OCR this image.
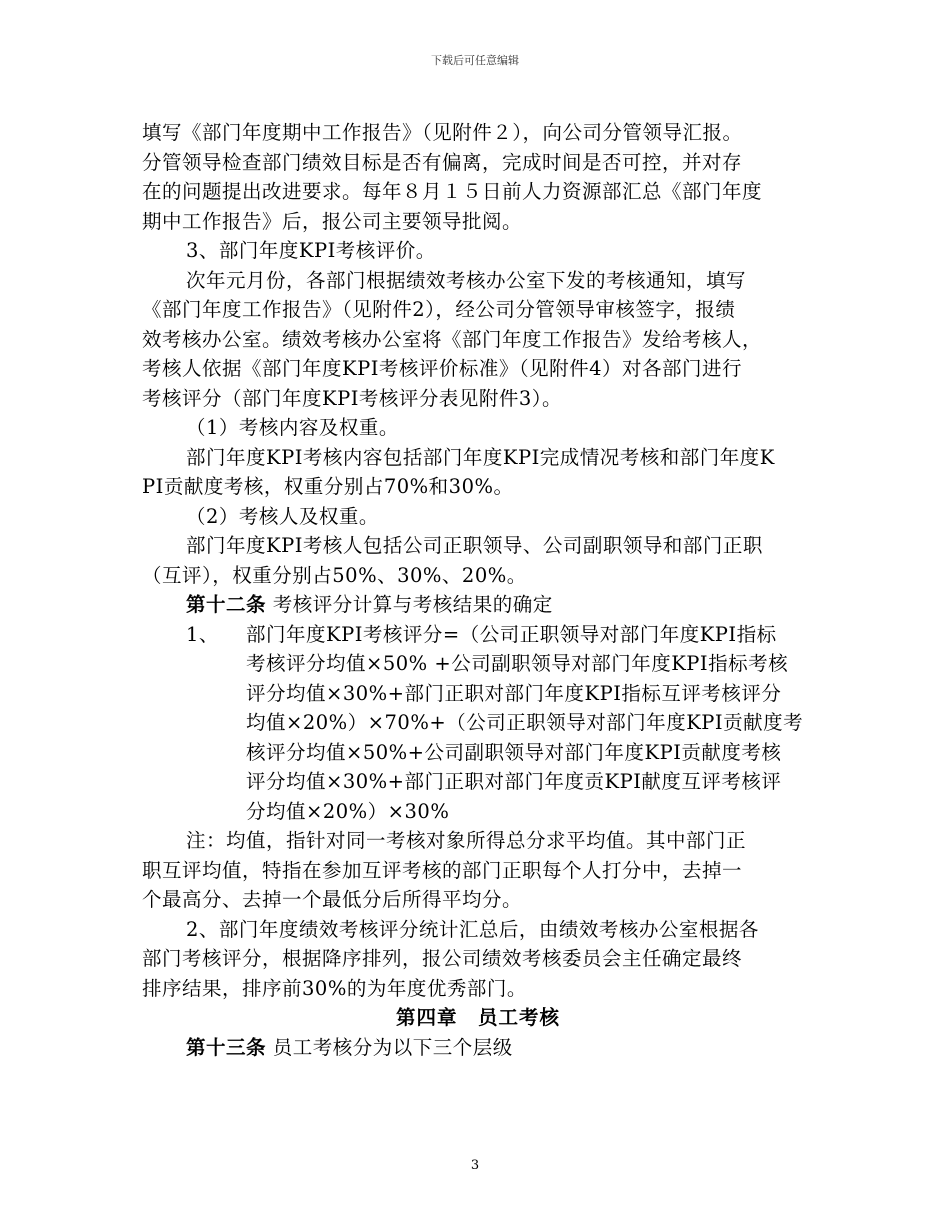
下载后可任意编辑
填写《部门年度期中工作报告》（见附件２），向公司分管领导汇报。
分管领导检查部门绩效目标是否有偏离，完成时间是否可控，并对存
在的问题提出改进要求。每年８月１５日前人力资源部汇总《部门年度
期中工作报告》后，报公司主要领导批阅。
3、部门年度KPI考核评价。
次年元月份，各部门根据绩效考核办公室下发的考核通知，填写
《部门年度工作报告》（见附件2），经公司分管领导审核签字，报绩
效考核办公室。绩效考核办公室将《部门年度工作报告》发给考核人，
考核人依据《部门年度KPI考核评价标准》（见附件4）对各部门进行
考核评分（部门年度KPI考核评分表见附件3）。
（1）考核内容及权重。
部门年度KPI考核内容包括部门年度KPI完成情况考核和部门年度K
PI贡献度考核，权重分别占70%和30%。
（2）考核人及权重。
部门年度KPI考核人包括公司正职领导、公司副职领导和部门正职
（互评），权重分别占50%、30%、20%。
第十二条 考核评分计算与考核结果的确定
1、 部门年度KPI考核评分=（公司正职领导对部门年度KPI指标
考核评分均值×50% +公司副职领导对部门年度KPI指标考核
评分均值×30%+部门正职对部门年度KPI指标互评考核评分
均值×20%）×70%+（公司正职领导对部门年度KPI贡献度考
核评分均值×50%+公司副职领导对部门年度KPI贡献度考核
评分均值×30%+部门正职对部门年度贡KPI献度互评考核评
分均值×20%）×30%
注：均值，指针对同一考核对象所得总分求平均值。其中部门正
职互评均值，特指在参加互评考核的部门正职每个人打分中，去掉一
个最高分、去掉一个最低分后所得平均分。
2、部门年度绩效考核评分统计汇总后，由绩效考核办公室根据各
部门考核评分，根据降序排列，报公司绩效考核委员会主任确定最终
排序结果，排序前30%的为年度优秀部门。
第四章　员工考核
第十三条 员工考核分为以下三个层级
3
